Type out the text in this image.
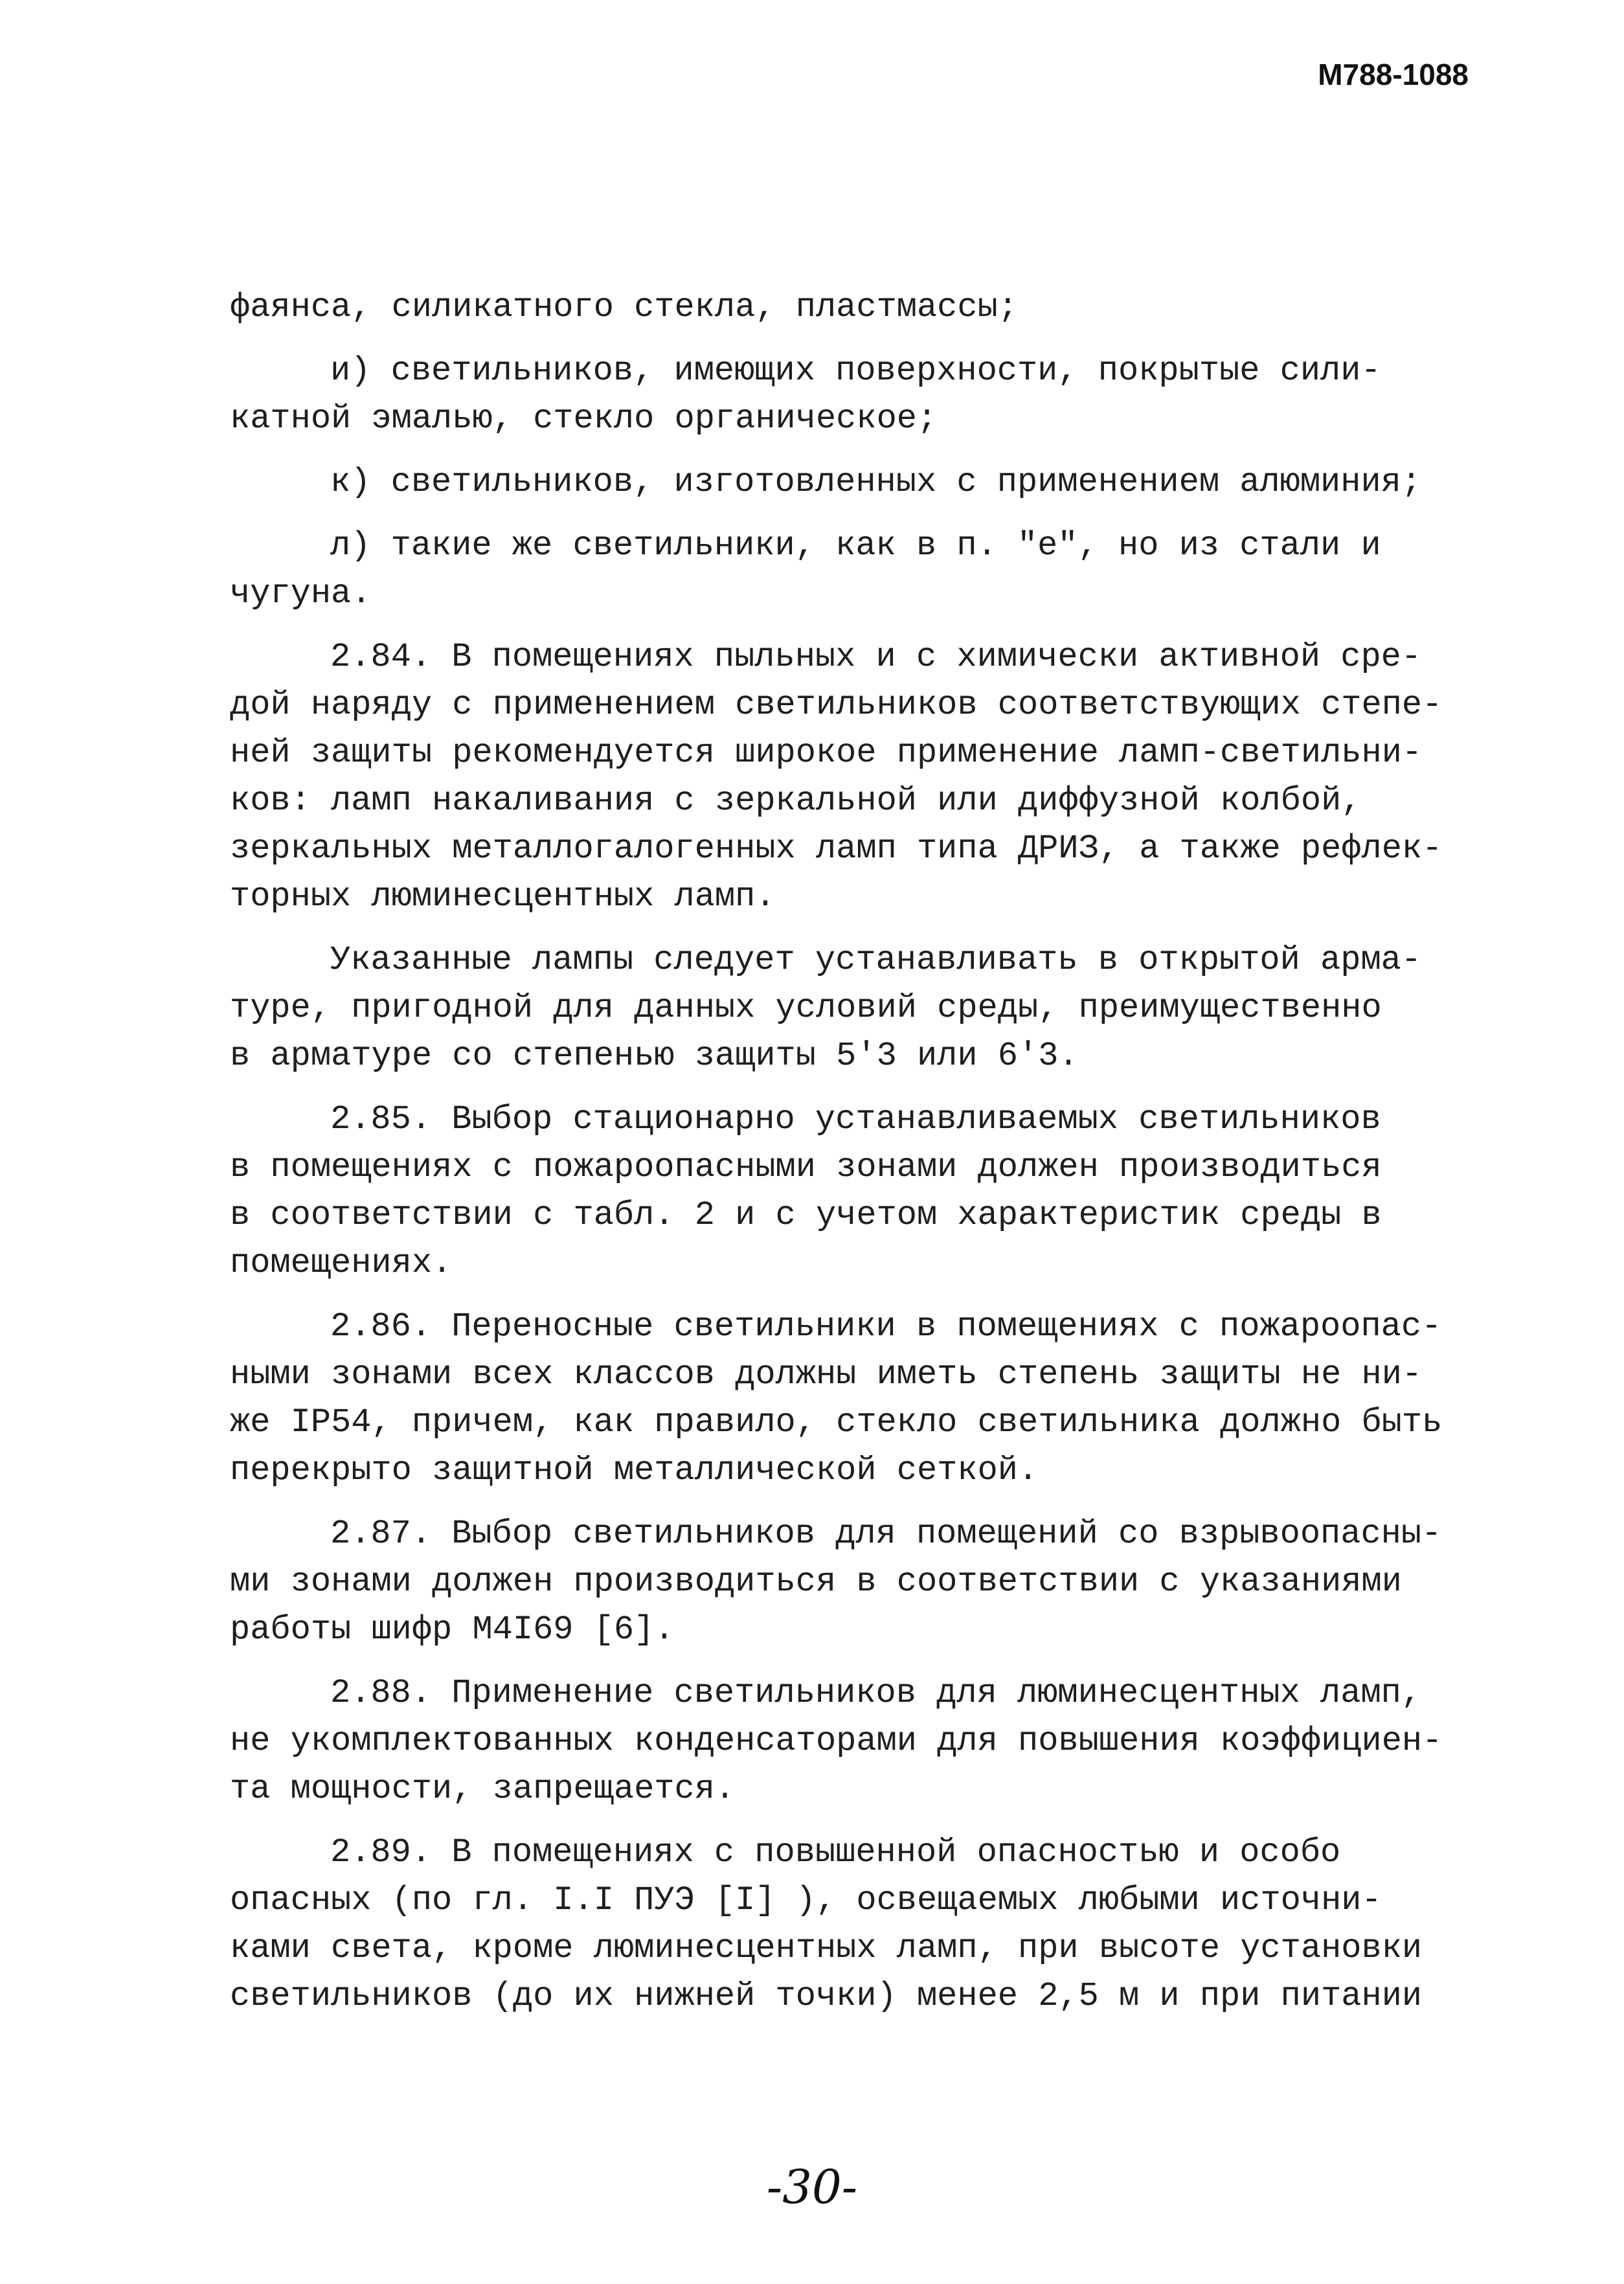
М788-1088
фаянса, силикатного стекла, пластмассы;
и) светильников, имеющих поверхности, покрытые сили-
катной эмалью, стекло органическое;
к) светильников, изготовленных с применением алюминия;
л) такие же светильники, как в п. "е", но из стали и
чугуна.
2.84. В помещениях пыльных и с химически активной сре-
дой наряду с применением светильников соответствующих степе-
ней защиты рекомендуется широкое применение ламп-светильни-
ков: ламп накаливания с зеркальной или диффузной колбой,
зеркальных металлогалогенных ламп типа ДРИЗ, а также рефлек-
торных люминесцентных ламп.
Указанные лампы следует устанавливать в открытой арма-
туре, пригодной для данных условий среды, преимущественно
в арматуре со степенью защиты 5ʹ3 или 6ʹ3.
2.85. Выбор стационарно устанавливаемых светильников
в помещениях с пожароопасными зонами должен производиться
в соответствии с табл. 2 и с учетом характеристик среды в
помещениях.
2.86. Переносные светильники в помещениях с пожароопас-
ными зонами всех классов должны иметь степень защиты не ни-
же IP54, причем, как правило, стекло светильника должно быть
перекрыто защитной металлической сеткой.
2.87. Выбор светильников для помещений со взрывоопасны-
ми зонами должен производиться в соответствии с указаниями
работы шифр М4I69 [6].
2.88. Применение светильников для люминесцентных ламп,
не укомплектованных конденсаторами для повышения коэффициен-
та мощности, запрещается.
2.89. В помещениях с повышенной опасностью и особо
опасных (по гл. I.I ПУЭ [I] ), освещаемых любыми источни-
ками света, кроме люминесцентных ламп, при высоте установки
светильников (до их нижней точки) менее 2,5 м и при питании
-30-
